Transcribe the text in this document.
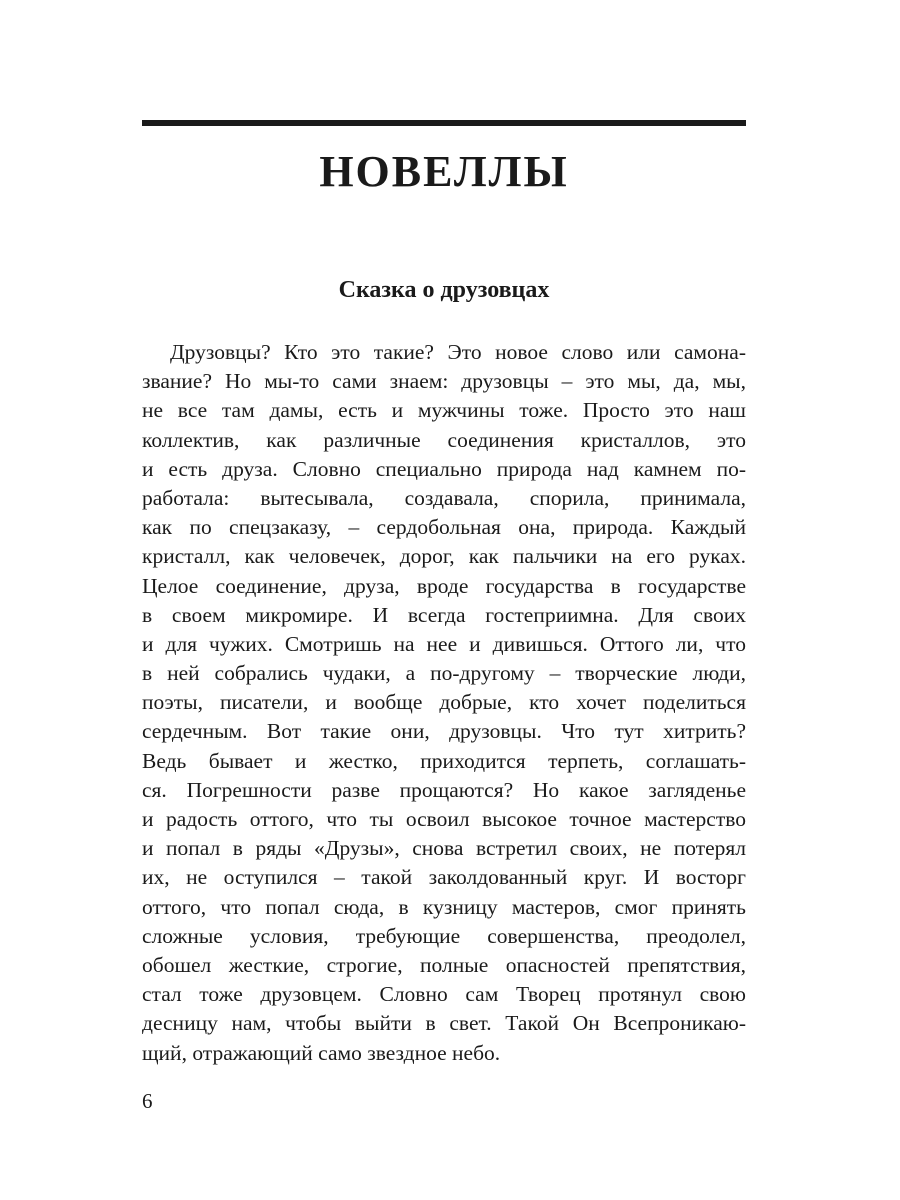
НОВЕЛЛЫ
Сказка о друзовцах
Друзовцы? Кто это такие? Это новое слово или самона-
звание? Но мы-то сами знаем: друзовцы – это мы, да, мы,
не все там дамы, есть и мужчины тоже. Просто это наш
коллектив, как различные соединения кристаллов, это
и есть друза. Словно специально природа над камнем по-
работала: вытесывала, создавала, спорила, принимала,
как по спецзаказу, – сердобольная она, природа. Каждый
кристалл, как человечек, дорог, как пальчики на его руках.
Целое соединение, друза, вроде государства в государстве
в своем микромире. И всегда гостеприимна. Для своих
и для чужих. Смотришь на нее и дивишься. Оттого ли, что
в ней собрались чудаки, а по-другому – творческие люди,
поэты, писатели, и вообще добрые, кто хочет поделиться
сердечным. Вот такие они, друзовцы. Что тут хитрить?
Ведь бывает и жестко, приходится терпеть, соглашать-
ся. Погрешности разве прощаются? Но какое загляденье
и радость оттого, что ты освоил высокое точное мастерство
и попал в ряды «Друзы», снова встретил своих, не потерял
их, не оступился – такой заколдованный круг. И восторг
оттого, что попал сюда, в кузницу мастеров, смог принять
сложные условия, требующие совершенства, преодолел,
обошел жесткие, строгие, полные опасностей препятствия,
стал тоже друзовцем. Словно сам Творец протянул свою
десницу нам, чтобы выйти в свет. Такой Он Всепроникаю-
щий, отражающий само звездное небо.

6
